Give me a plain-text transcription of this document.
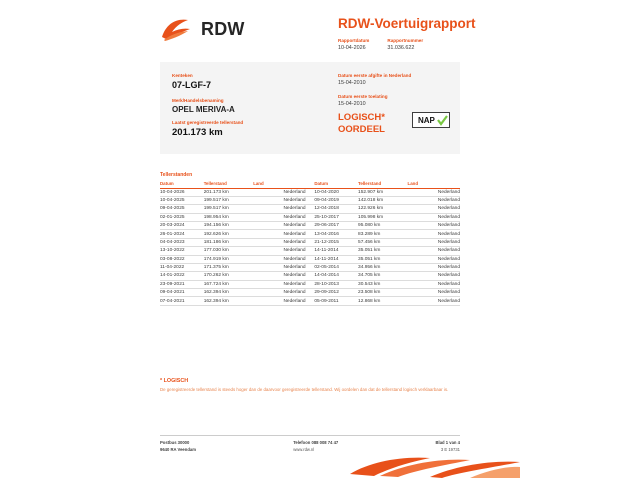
RDW	RDW-Voertuigrapport
Rapportdatum
10-04-2026
Rapportnummer
31.036.622
Kenteken
07-LGF-7
Merk/Handelsbenaming
OPEL MERIVA-A
Datum eerste afgifte in Nederland
15-04-2010
Datum eerste toelating
15-04-2010
Laatst geregistreerde tellerstand
201.173 km
LOGISCH*
OORDEEL
NAP
Tellerstanden
Datum	Tellerstand	Land		Datum	Tellerstand	Land
10-04-2026	201.173 km	Nederland		10-04-2020	152.907 km	Nederland
10-04-2025	199.517 km	Nederland		09-04-2019	142.018 km	Nederland
09-04-2025	199.517 km	Nederland		12-04-2018	122.926 km	Nederland
02-01-2025	198.954 km	Nederland		25-10-2017	105.998 km	Nederland
20-03-2024	194.156 km	Nederland		29-06-2017	95.080 km	Nederland
26-01-2024	192.626 km	Nederland		13-04-2016	83.289 km	Nederland
04-04-2023	181.186 km	Nederland		21-12-2015	57.456 km	Nederland
13-10-2022	177.030 km	Nederland		14-11-2014	35.051 km	Nederland
03-08-2022	174.919 km	Nederland		14-11-2014	35.051 km	Nederland
11-04-2022	171.375 km	Nederland		02-05-2014	34.956 km	Nederland
14-01-2022	170.262 km	Nederland		14-04-2014	34.705 km	Nederland
23-09-2021	167.724 km	Nederland		28-10-2013	30.543 km	Nederland
09-04-2021	162.394 km	Nederland		29-09-2012	23.508 km	Nederland
07-04-2021	162.394 km	Nederland		05-09-2011	12.868 km	Nederland
* LOGISCH
De geregistreerde tellerstand is steeds hoger dan de daarvoor geregistreerde tellerstand. Wij oordelen dan dat de tellerstand logisch verklaarbaar is.
Postbus 30000
9640 RA Veendam
Telefoon 088 008 74 47
www.rdw.nl
Blad 1 van 4
3 E 19731
